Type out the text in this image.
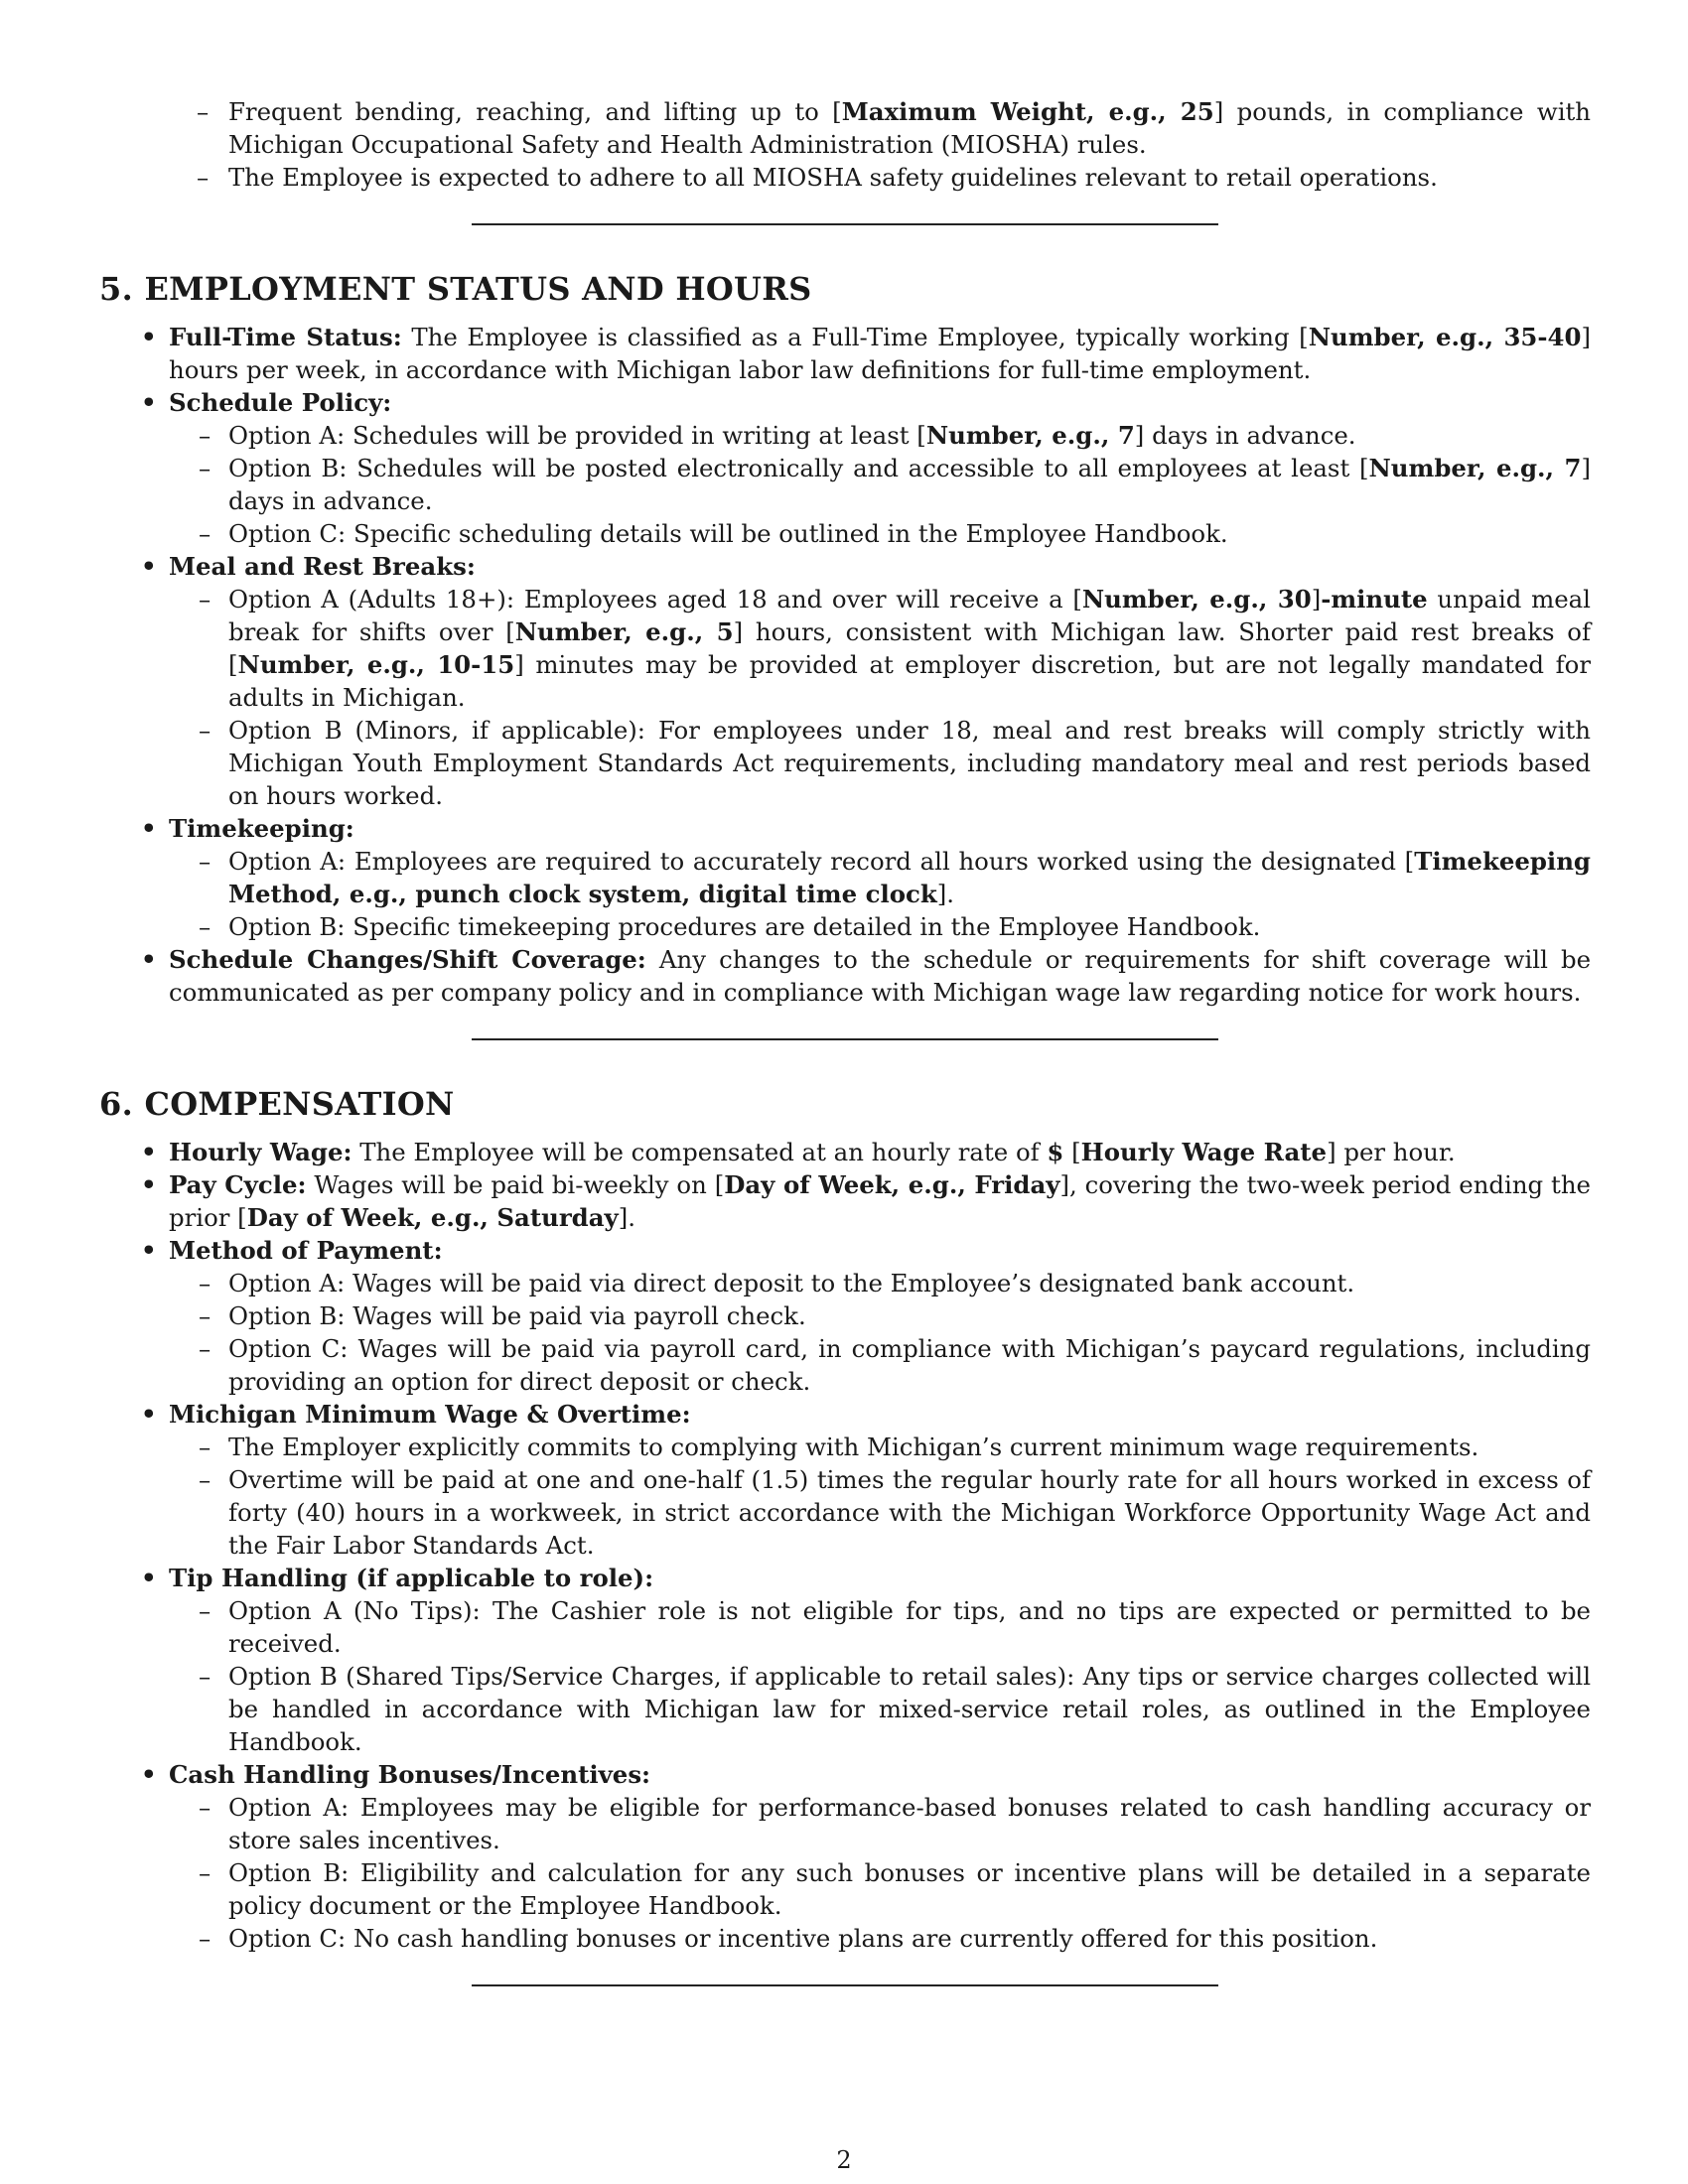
– Frequent bending, reaching, and lifting up to [Maximum Weight, e.g., 25] pounds, in compliance with Michigan Occupational Safety and Health Administration (MIOSHA) rules.
– The Employee is expected to adhere to all MIOSHA safety guidelines relevant to retail operations.
5. EMPLOYMENT STATUS AND HOURS
• Full-Time Status: The Employee is classified as a Full-Time Employee, typically working [Number, e.g., 35-40] hours per week, in accordance with Michigan labor law definitions for full-time employment.
• Schedule Policy:
– Option A: Schedules will be provided in writing at least [Number, e.g., 7] days in advance.
– Option B: Schedules will be posted electronically and accessible to all employees at least [Number, e.g., 7] days in advance.
– Option C: Specific scheduling details will be outlined in the Employee Handbook.
• Meal and Rest Breaks:
– Option A (Adults 18+): Employees aged 18 and over will receive a [Number, e.g., 30]-minute unpaid meal break for shifts over [Number, e.g., 5] hours, consistent with Michigan law. Shorter paid rest breaks of [Number, e.g., 10-15] minutes may be provided at employer discretion, but are not legally mandated for adults in Michigan.
– Option B (Minors, if applicable): For employees under 18, meal and rest breaks will comply strictly with Michigan Youth Employment Standards Act requirements, including mandatory meal and rest periods based on hours worked.
• Timekeeping:
– Option A: Employees are required to accurately record all hours worked using the designated [Timekeeping Method, e.g., punch clock system, digital time clock].
– Option B: Specific timekeeping procedures are detailed in the Employee Handbook.
• Schedule Changes/Shift Coverage: Any changes to the schedule or requirements for shift coverage will be communicated as per company policy and in compliance with Michigan wage law regarding notice for work hours.
6. COMPENSATION
• Hourly Wage: The Employee will be compensated at an hourly rate of $ [Hourly Wage Rate] per hour.
• Pay Cycle: Wages will be paid bi-weekly on [Day of Week, e.g., Friday], covering the two-week period ending the prior [Day of Week, e.g., Saturday].
• Method of Payment:
– Option A: Wages will be paid via direct deposit to the Employee’s designated bank account.
– Option B: Wages will be paid via payroll check.
– Option C: Wages will be paid via payroll card, in compliance with Michigan’s paycard regulations, including providing an option for direct deposit or check.
• Michigan Minimum Wage & Overtime:
– The Employer explicitly commits to complying with Michigan’s current minimum wage requirements.
– Overtime will be paid at one and one-half (1.5) times the regular hourly rate for all hours worked in excess of forty (40) hours in a workweek, in strict accordance with the Michigan Workforce Opportunity Wage Act and the Fair Labor Standards Act.
• Tip Handling (if applicable to role):
– Option A (No Tips): The Cashier role is not eligible for tips, and no tips are expected or permitted to be received.
– Option B (Shared Tips/Service Charges, if applicable to retail sales): Any tips or service charges collected will be handled in accordance with Michigan law for mixed-service retail roles, as outlined in the Employee Handbook.
• Cash Handling Bonuses/Incentives:
– Option A: Employees may be eligible for performance-based bonuses related to cash handling accuracy or store sales incentives.
– Option B: Eligibility and calculation for any such bonuses or incentive plans will be detailed in a separate policy document or the Employee Handbook.
– Option C: No cash handling bonuses or incentive plans are currently offered for this position.
2
